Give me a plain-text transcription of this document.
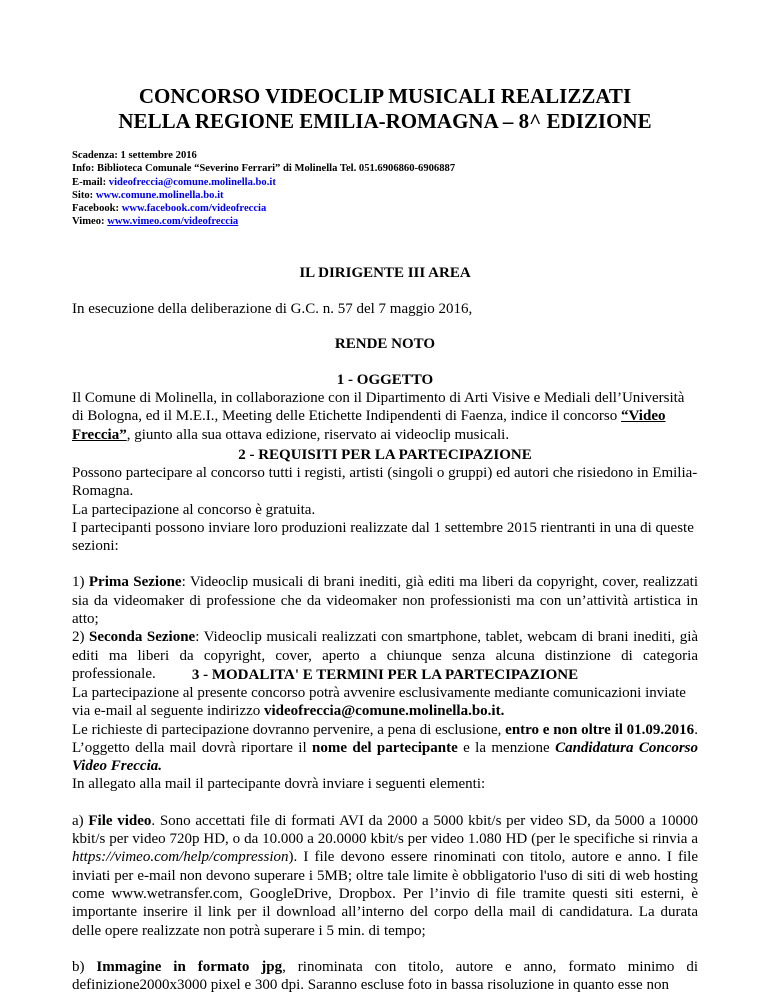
CONCORSO VIDEOCLIP MUSICALI REALIZZATI
NELLA REGIONE EMILIA-ROMAGNA – 8^ EDIZIONE
Scadenza: 1 settembre 2016
Info: Biblioteca Comunale “Severino Ferrari” di Molinella Tel. 051.6906860-6906887
E-mail: videofreccia@comune.molinella.bo.it
Sito: www.comune.molinella.bo.it
Facebook: www.facebook.com/videofreccia
Vimeo: www.vimeo.com/videofreccia
IL DIRIGENTE III AREA
In esecuzione della deliberazione di G.C. n. 57 del 7 maggio 2016,
RENDE NOTO
1 - OGGETTO
Il Comune di Molinella, in collaborazione con il Dipartimento di Arti Visive e Mediali dell’Università
di Bologna, ed il M.E.I., Meeting delle Etichette Indipendenti di Faenza, indice il concorso “Video
Freccia”, giunto alla sua ottava edizione, riservato ai videoclip musicali.
2 - REQUISITI PER LA PARTECIPAZIONE
Possono partecipare al concorso tutti i registi, artisti (singoli o gruppi) ed autori che risiedono in Emilia-
Romagna.
La partecipazione al concorso è gratuita.
I partecipanti possono inviare loro produzioni realizzate dal 1 settembre 2015 rientranti in una di queste
sezioni:

1) Prima Sezione: Videoclip musicali di brani inediti, già editi ma liberi da copyright, cover, realizzati sia da videomaker di professione che da videomaker non professionisti ma con un’attività artistica in atto;

2) Seconda Sezione: Videoclip musicali realizzati con smartphone, tablet, webcam di brani inediti, già editi ma liberi da copyright, cover, aperto a chiunque senza alcuna distinzione di categoria professionale.	3 - MODALITA' E TERMINI PER LA PARTECIPAZIONE
La partecipazione al presente concorso potrà avvenire esclusivamente mediante comunicazioni inviate
via e-mail al seguente indirizzo videofreccia@comune.molinella.bo.it.
Le richieste di partecipazione dovranno pervenire, a pena di esclusione, entro e non oltre il 01.09.2016.

L’oggetto della mail dovrà riportare il nome del partecipante e la menzione Candidatura Concorso Video Freccia.

In allegato alla mail il partecipante dovrà inviare i seguenti elementi:

a) File video. Sono accettati file di formati AVI da 2000 a 5000 kbit/s per video SD, da 5000 a 10000 kbit/s per video 720p HD, o da 10.000 a 20.0000 kbit/s per video 1.080 HD (per le specifiche si rinvia a https://vimeo.com/help/compression). I file devono essere rinominati con titolo, autore e anno. I file inviati per e-mail non devono superare i 5MB; oltre tale limite è obbligatorio l'uso di siti di web hosting come www.wetransfer.com, GoogleDrive, Dropbox. Per l’invio di file tramite questi siti esterni, è importante inserire il link per il download all’interno del corpo della mail di candidatura. La durata delle opere realizzate non potrà superare i 5 min. di tempo;

b) Immagine in formato jpg, rinominata con titolo, autore e anno, formato minimo di definizione2000x3000 pixel e 300 dpi. Saranno escluse foto in bassa risoluzione in quanto esse non
